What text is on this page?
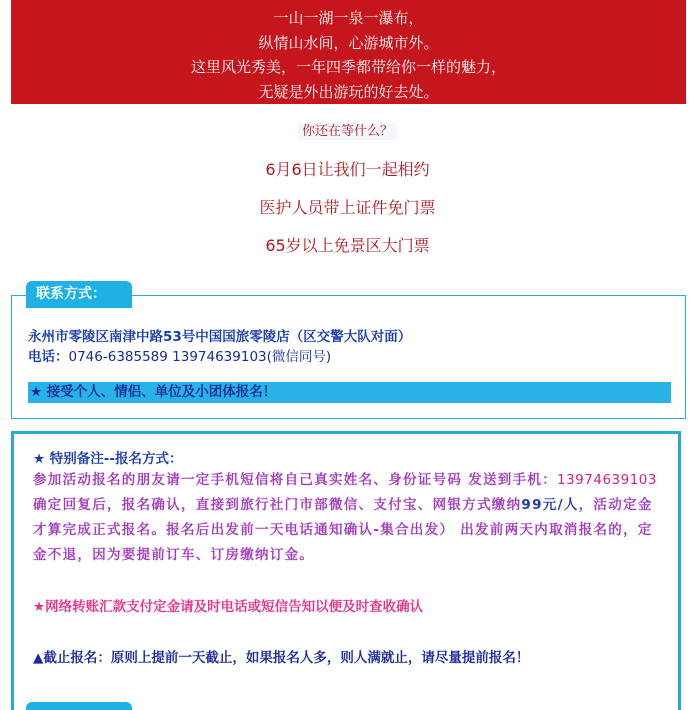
一山一湖一泉一瀑布，
纵情山水间，心游城市外。
这里风光秀美，一年四季都带给你一样的魅力，
无疑是外出游玩的好去处。
你还在等什么？
6月6日让我们一起相约
医护人员带上证件免门票
65岁以上免景区大门票
联系方式：
永州市零陵区南津中路53号中国国旅零陵店（区交警大队对面）
电话：0746-6385589 13974639103(微信同号)
★ 接受个人、情侣、单位及小团体报名！
★ 特别备注--报名方式：
参加活动报名的朋友请一定手机短信将自己真实姓名、身份证号码 发送到手机：13974639103确定回复后，报名确认，直接到旅行社门市部微信、支付宝、网银方式缴纳99元/人，活动定金才算完成正式报名。报名后出发前一天电话通知确认-集合出发） 出发前两天内取消报名的，定金不退，因为要提前订车、订房缴纳订金。
★网络转账汇款支付定金请及时电话或短信告知以便及时查收确认
▲截止报名：原则上提前一天截止，如果报名人多，则人满就止，请尽量提前报名！
